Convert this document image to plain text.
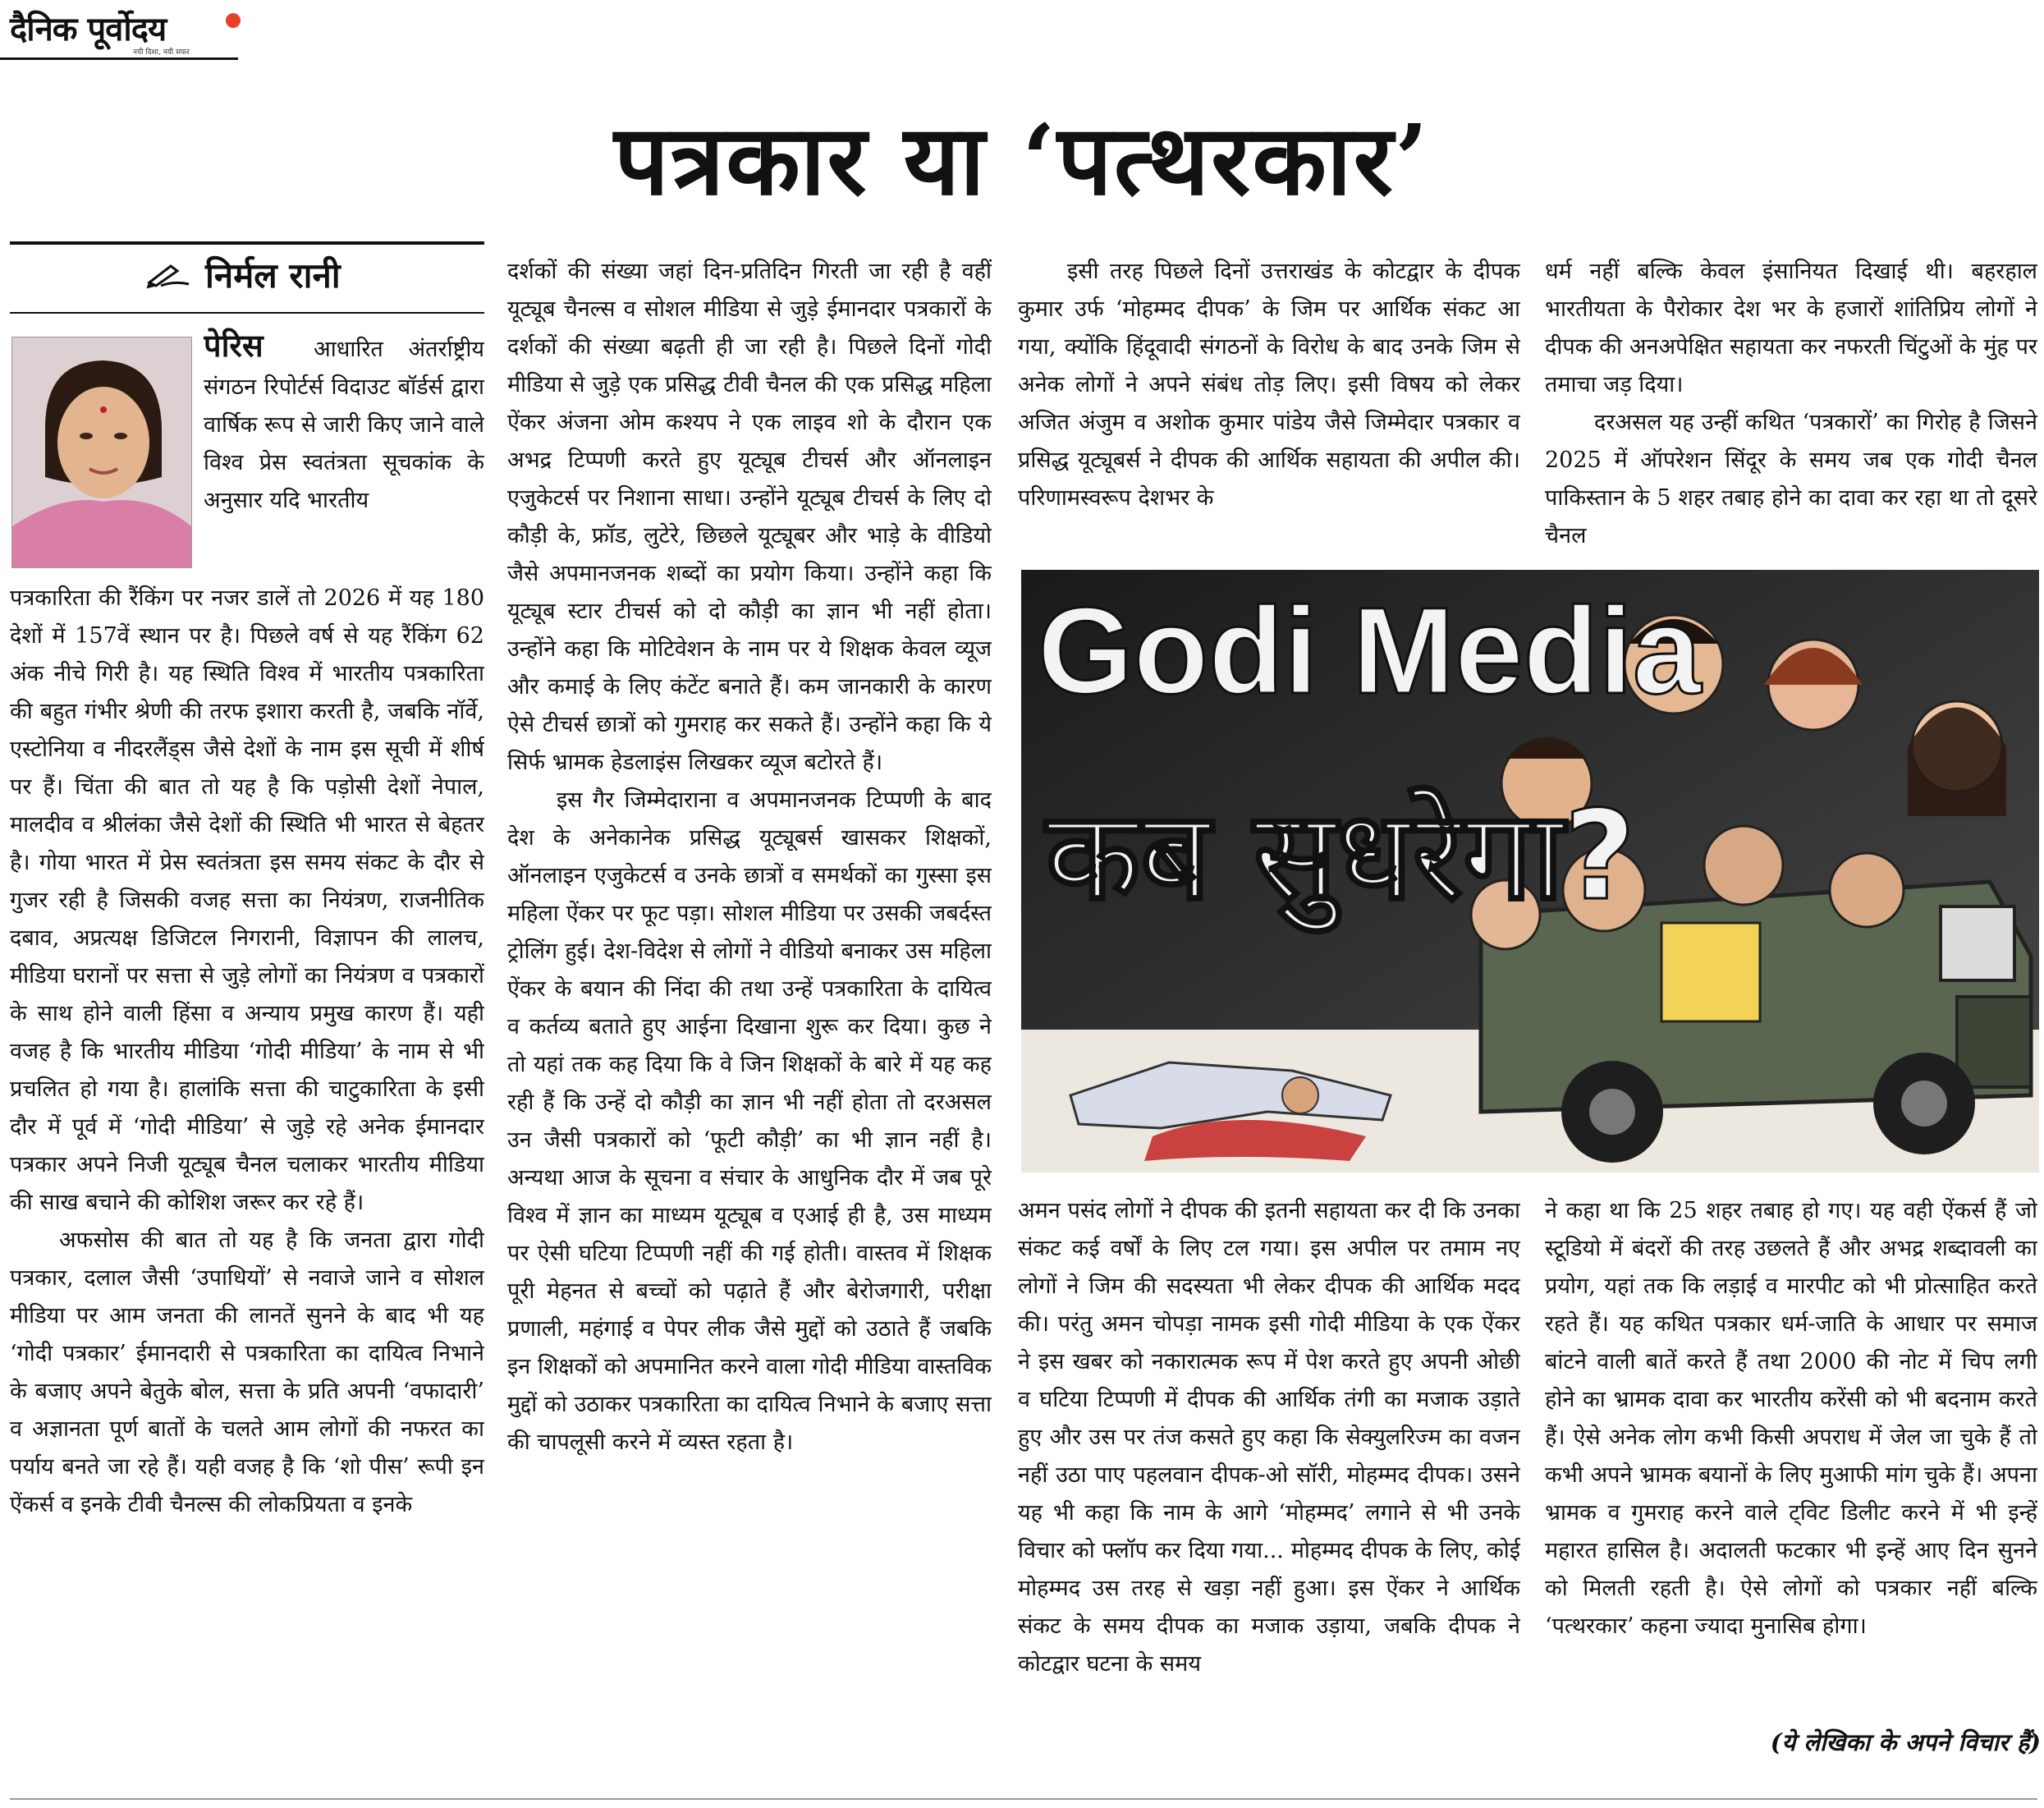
दैनिक पूर्वोदय
नयी दिशा, नयी सफर
पत्रकार या ‘पत्थरकार’
निर्मल रानी

पेरिस आधारित अंतर्राष्ट्रीय संगठन रिपोर्टर्स विदाउट बॉर्डर्स द्वारा वार्षिक रूप से जारी किए जाने वाले विश्व प्रेस स्वतंत्रता सूचकांक के अनुसार यदि भारतीय

पत्रकारिता की रैंकिंग पर नजर डालें तो 2026 में यह 180 देशों में 157वें स्थान पर है। पिछले वर्ष से यह रैंकिंग 62 अंक नीचे गिरी है। यह स्थिति विश्व में भारतीय पत्रकारिता की बहुत गंभीर श्रेणी की तरफ इशारा करती है, जबकि नॉर्वे, एस्टोनिया व नीदरलैंड्स जैसे देशों के नाम इस सूची में शीर्ष पर हैं। चिंता की बात तो यह है कि पड़ोसी देशों नेपाल, मालदीव व श्रीलंका जैसे देशों की स्थिति भी भारत से बेहतर है। गोया भारत में प्रेस स्वतंत्रता इस समय संकट के दौर से गुजर रही है जिसकी वजह सत्ता का नियंत्रण, राजनीतिक दबाव, अप्रत्यक्ष डिजिटल निगरानी, विज्ञापन की लालच, मीडिया घरानों पर सत्ता से जुड़े लोगों का नियंत्रण व पत्रकारों के साथ होने वाली हिंसा व अन्याय प्रमुख कारण हैं। यही वजह है कि भारतीय मीडिया ‘गोदी मीडिया’ के नाम से भी प्रचलित हो गया है। हालांकि सत्ता की चाटुकारिता के इसी दौर में पूर्व में ‘गोदी मीडिया’ से जुड़े रहे अनेक ईमानदार पत्रकार अपने निजी यूट्यूब चैनल चलाकर भारतीय मीडिया की साख बचाने की कोशिश जरूर कर रहे हैं।

अफसोस की बात तो यह है कि जनता द्वारा गोदी पत्रकार, दलाल जैसी ‘उपाधियों’ से नवाजे जाने व सोशल मीडिया पर आम जनता की लानतें सुनने के बाद भी यह ‘गोदी पत्रकार’ ईमानदारी से पत्रकारिता का दायित्व निभाने के बजाए अपने बेतुके बोल, सत्ता के प्रति अपनी ‘वफादारी’ व अज्ञानता पूर्ण बातों के चलते आम लोगों की नफरत का पर्याय बनते जा रहे हैं। यही वजह है कि ‘शो पीस’ रूपी इन ऐंकर्स व इनके टीवी चैनल्स की लोकप्रियता व इनके

दर्शकों की संख्या जहां दिन-प्रतिदिन गिरती जा रही है वहीं यूट्यूब चैनल्स व सोशल मीडिया से जुड़े ईमानदार पत्रकारों के दर्शकों की संख्या बढ़ती ही जा रही है। पिछले दिनों गोदी मीडिया से जुड़े एक प्रसिद्ध टीवी चैनल की एक प्रसिद्ध महिला ऐंकर अंजना ओम कश्यप ने एक लाइव शो के दौरान एक अभद्र टिप्पणी करते हुए यूट्यूब टीचर्स और ऑनलाइन एजुकेटर्स पर निशाना साधा। उन्होंने यूट्यूब टीचर्स के लिए दो कौड़ी के, फ्रॉड, लुटेरे, छिछले यूट्यूबर और भाड़े के वीडियो जैसे अपमानजनक शब्दों का प्रयोग किया। उन्होंने कहा कि यूट्यूब स्टार टीचर्स को दो कौड़ी का ज्ञान भी नहीं होता। उन्होंने कहा कि मोटिवेशन के नाम पर ये शिक्षक केवल व्यूज और कमाई के लिए कंटेंट बनाते हैं। कम जानकारी के कारण ऐसे टीचर्स छात्रों को गुमराह कर सकते हैं। उन्होंने कहा कि ये सिर्फ भ्रामक हेडलाइंस लिखकर व्यूज बटोरते हैं।

इस गैर जिम्मेदाराना व अपमानजनक टिप्पणी के बाद देश के अनेकानेक प्रसिद्ध यूट्यूबर्स खासकर शिक्षकों, ऑनलाइन एजुकेटर्स व उनके छात्रों व समर्थकों का गुस्सा इस महिला ऐंकर पर फूट पड़ा। सोशल मीडिया पर उसकी जबर्दस्त ट्रोलिंग हुई। देश-विदेश से लोगों ने वीडियो बनाकर उस महिला ऐंकर के बयान की निंदा की तथा उन्हें पत्रकारिता के दायित्व व कर्तव्य बताते हुए आईना दिखाना शुरू कर दिया। कुछ ने तो यहां तक कह दिया कि वे जिन शिक्षकों के बारे में यह कह रही हैं कि उन्हें दो कौड़ी का ज्ञान भी नहीं होता तो दरअसल उन जैसी पत्रकारों को ‘फूटी कौड़ी’ का भी ज्ञान नहीं है। अन्यथा आज के सूचना व संचार के आधुनिक दौर में जब पूरे विश्व में ज्ञान का माध्यम यूट्यूब व एआई ही है, उस माध्यम पर ऐसी घटिया टिप्पणी नहीं की गई होती। वास्तव में शिक्षक पूरी मेहनत से बच्चों को पढ़ाते हैं और बेरोजगारी, परीक्षा प्रणाली, महंगाई व पेपर लीक जैसे मुद्दों को उठाते हैं जबकि इन शिक्षकों को अपमानित करने वाला गोदी मीडिया वास्तविक मुद्दों को उठाकर पत्रकारिता का दायित्व निभाने के बजाए सत्ता की चापलूसी करने में व्यस्त रहता है।

इसी तरह पिछले दिनों उत्तराखंड के कोटद्वार के दीपक कुमार उर्फ ‘मोहम्मद दीपक’ के जिम पर आर्थिक संकट आ गया, क्योंकि हिंदूवादी संगठनों के विरोध के बाद उनके जिम से अनेक लोगों ने अपने संबंध तोड़ लिए। इसी विषय को लेकर अजित अंजुम व अशोक कुमार पांडेय जैसे जिम्मेदार पत्रकार व प्रसिद्ध यूट्यूबर्स ने दीपक की आर्थिक सहायता की अपील की। परिणामस्वरूप देशभर के

धर्म नहीं बल्कि केवल इंसानियत दिखाई थी। बहरहाल भारतीयता के पैरोकार देश भर के हजारों शांतिप्रिय लोगों ने दीपक की अनअपेक्षित सहायता कर नफरती चिंटुओं के मुंह पर तमाचा जड़ दिया।

दरअसल यह उन्हीं कथित ‘पत्रकारों’ का गिरोह है जिसने 2025 में ऑपरेशन सिंदूर के समय जब एक गोदी चैनल पाकिस्तान के 5 शहर तबाह होने का दावा कर रहा था तो दूसरे चैनल

Godi Media
कब सुधरेगा?

अमन पसंद लोगों ने दीपक की इतनी सहायता कर दी कि उनका संकट कई वर्षों के लिए टल गया। इस अपील पर तमाम नए लोगों ने जिम की सदस्यता भी लेकर दीपक की आर्थिक मदद की। परंतु अमन चोपड़ा नामक इसी गोदी मीडिया के एक ऐंकर ने इस खबर को नकारात्मक रूप में पेश करते हुए अपनी ओछी व घटिया टिप्पणी में दीपक की आर्थिक तंगी का मजाक उड़ाते हुए और उस पर तंज कसते हुए कहा कि सेक्युलरिज्म का वजन नहीं उठा पाए पहलवान दीपक-ओ सॉरी, मोहम्मद दीपक। उसने यह भी कहा कि नाम के आगे ‘मोहम्मद’ लगाने से भी उनके विचार को फ्लॉप कर दिया गया... मोहम्मद दीपक के लिए, कोई मोहम्मद उस तरह से खड़ा नहीं हुआ। इस ऐंकर ने आर्थिक संकट के समय दीपक का मजाक उड़ाया, जबकि दीपक ने कोटद्वार घटना के समय

ने कहा था कि 25 शहर तबाह हो गए। यह वही ऐंकर्स हैं जो स्टूडियो में बंदरों की तरह उछलते हैं और अभद्र शब्दावली का प्रयोग, यहां तक कि लड़ाई व मारपीट को भी प्रोत्साहित करते रहते हैं। यह कथित पत्रकार धर्म-जाति के आधार पर समाज बांटने वाली बातें करते हैं तथा 2000 की नोट में चिप लगी होने का भ्रामक दावा कर भारतीय करेंसी को भी बदनाम करते हैं। ऐसे अनेक लोग कभी किसी अपराध में जेल जा चुके हैं तो कभी अपने भ्रामक बयानों के लिए मुआफी मांग चुके हैं। अपना भ्रामक व गुमराह करने वाले ट्विट डिलीट करने में भी इन्हें महारत हासिल है। अदालती फटकार भी इन्हें आए दिन सुनने को मिलती रहती है। ऐसे लोगों को पत्रकार नहीं बल्कि ‘पत्थरकार’ कहना ज्यादा मुनासिब होगा।

(ये लेखिका के अपने विचार हैं)
